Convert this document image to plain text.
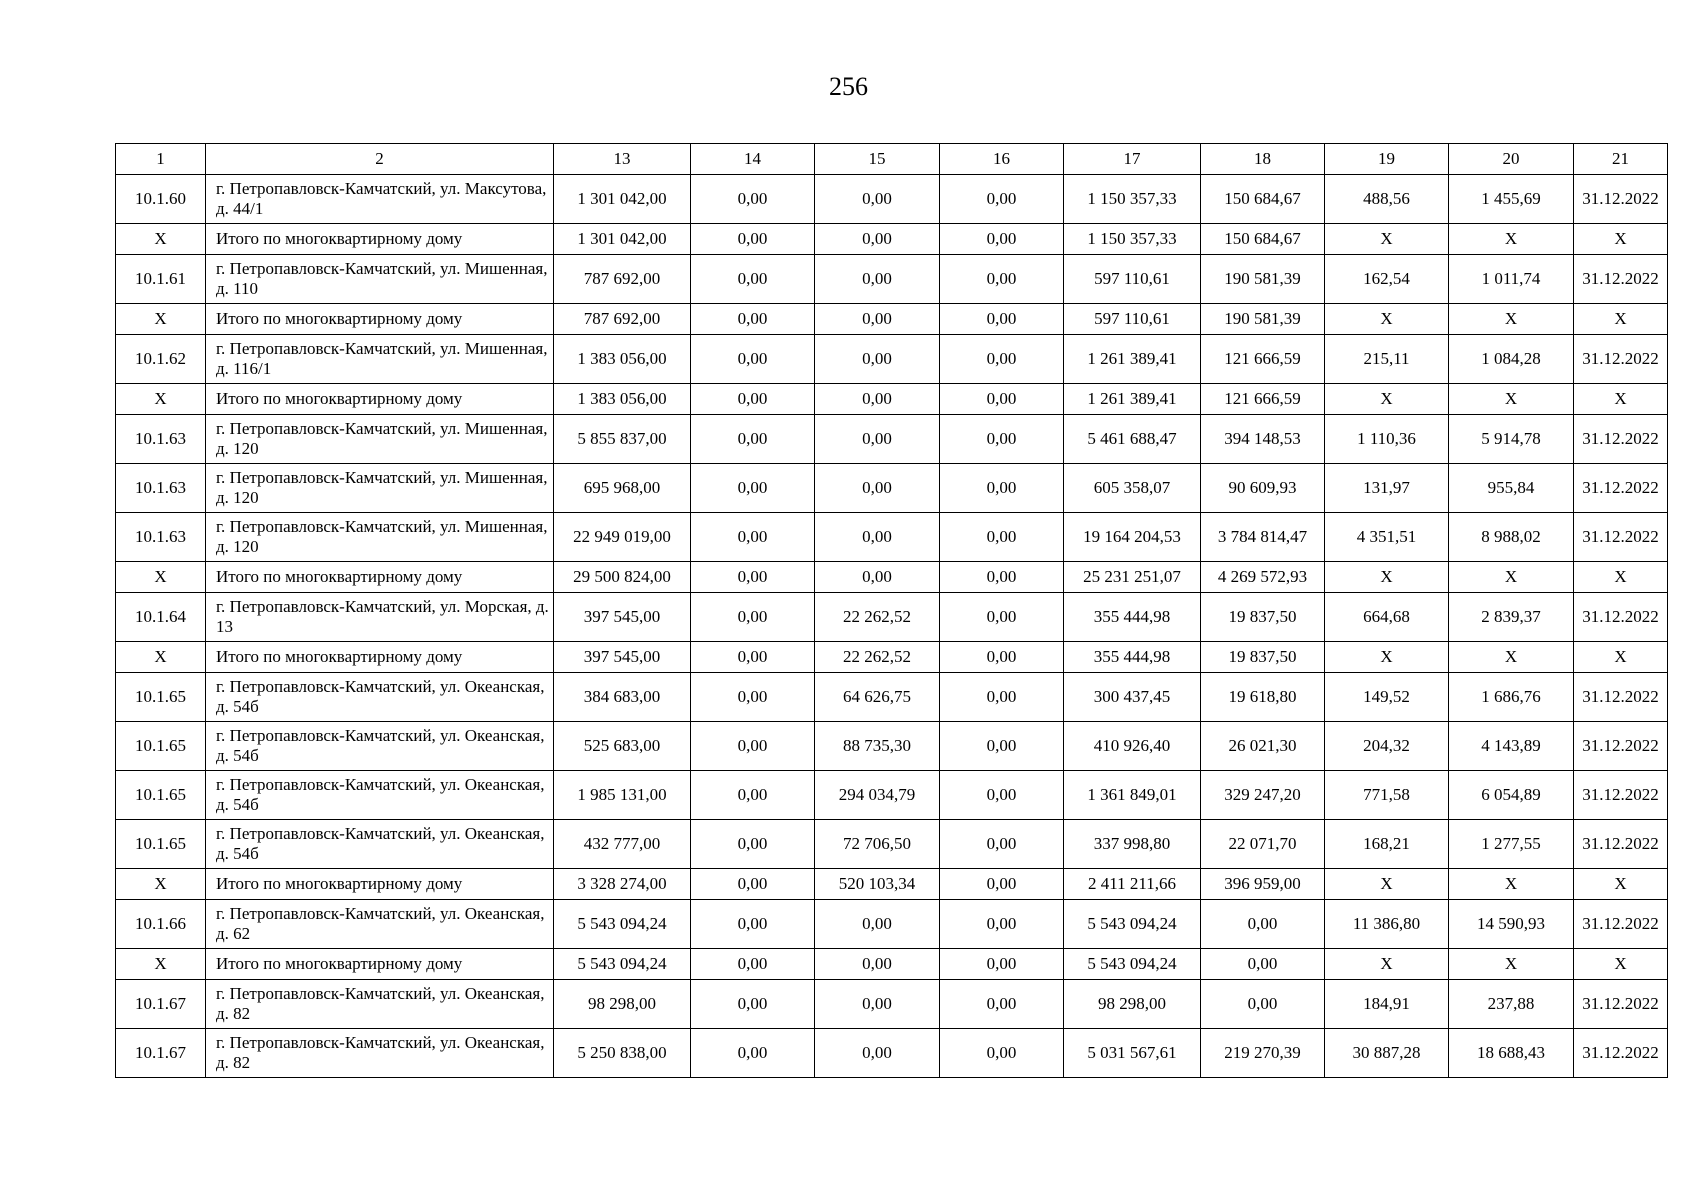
256
1	2	13	14	15	16	17	18	19	20	21
10.1.60	г. Петропавловск-Камчатский, ул. Максутова, д. 44/1	1 301 042,00	0,00	0,00	0,00	1 150 357,33	150 684,67	488,56	1 455,69	31.12.2022
Х	Итого по многоквартирному дому	1 301 042,00	0,00	0,00	0,00	1 150 357,33	150 684,67	Х	Х	Х
10.1.61	г. Петропавловск-Камчатский, ул. Мишенная, д. 110	787 692,00	0,00	0,00	0,00	597 110,61	190 581,39	162,54	1 011,74	31.12.2022
Х	Итого по многоквартирному дому	787 692,00	0,00	0,00	0,00	597 110,61	190 581,39	Х	Х	Х
10.1.62	г. Петропавловск-Камчатский, ул. Мишенная, д. 116/1	1 383 056,00	0,00	0,00	0,00	1 261 389,41	121 666,59	215,11	1 084,28	31.12.2022
Х	Итого по многоквартирному дому	1 383 056,00	0,00	0,00	0,00	1 261 389,41	121 666,59	Х	Х	Х
10.1.63	г. Петропавловск-Камчатский, ул. Мишенная, д. 120	5 855 837,00	0,00	0,00	0,00	5 461 688,47	394 148,53	1 110,36	5 914,78	31.12.2022
10.1.63	г. Петропавловск-Камчатский, ул. Мишенная, д. 120	695 968,00	0,00	0,00	0,00	605 358,07	90 609,93	131,97	955,84	31.12.2022
10.1.63	г. Петропавловск-Камчатский, ул. Мишенная, д. 120	22 949 019,00	0,00	0,00	0,00	19 164 204,53	3 784 814,47	4 351,51	8 988,02	31.12.2022
Х	Итого по многоквартирному дому	29 500 824,00	0,00	0,00	0,00	25 231 251,07	4 269 572,93	Х	Х	Х
10.1.64	г. Петропавловск-Камчатский, ул. Морская, д. 13	397 545,00	0,00	22 262,52	0,00	355 444,98	19 837,50	664,68	2 839,37	31.12.2022
Х	Итого по многоквартирному дому	397 545,00	0,00	22 262,52	0,00	355 444,98	19 837,50	Х	Х	Х
10.1.65	г. Петропавловск-Камчатский, ул. Океанская, д. 54б	384 683,00	0,00	64 626,75	0,00	300 437,45	19 618,80	149,52	1 686,76	31.12.2022
10.1.65	г. Петропавловск-Камчатский, ул. Океанская, д. 54б	525 683,00	0,00	88 735,30	0,00	410 926,40	26 021,30	204,32	4 143,89	31.12.2022
10.1.65	г. Петропавловск-Камчатский, ул. Океанская, д. 54б	1 985 131,00	0,00	294 034,79	0,00	1 361 849,01	329 247,20	771,58	6 054,89	31.12.2022
10.1.65	г. Петропавловск-Камчатский, ул. Океанская, д. 54б	432 777,00	0,00	72 706,50	0,00	337 998,80	22 071,70	168,21	1 277,55	31.12.2022
Х	Итого по многоквартирному дому	3 328 274,00	0,00	520 103,34	0,00	2 411 211,66	396 959,00	Х	Х	Х
10.1.66	г. Петропавловск-Камчатский, ул. Океанская, д. 62	5 543 094,24	0,00	0,00	0,00	5 543 094,24	0,00	11 386,80	14 590,93	31.12.2022
Х	Итого по многоквартирному дому	5 543 094,24	0,00	0,00	0,00	5 543 094,24	0,00	Х	Х	Х
10.1.67	г. Петропавловск-Камчатский, ул. Океанская, д. 82	98 298,00	0,00	0,00	0,00	98 298,00	0,00	184,91	237,88	31.12.2022
10.1.67	г. Петропавловск-Камчатский, ул. Океанская, д. 82	5 250 838,00	0,00	0,00	0,00	5 031 567,61	219 270,39	30 887,28	18 688,43	31.12.2022
